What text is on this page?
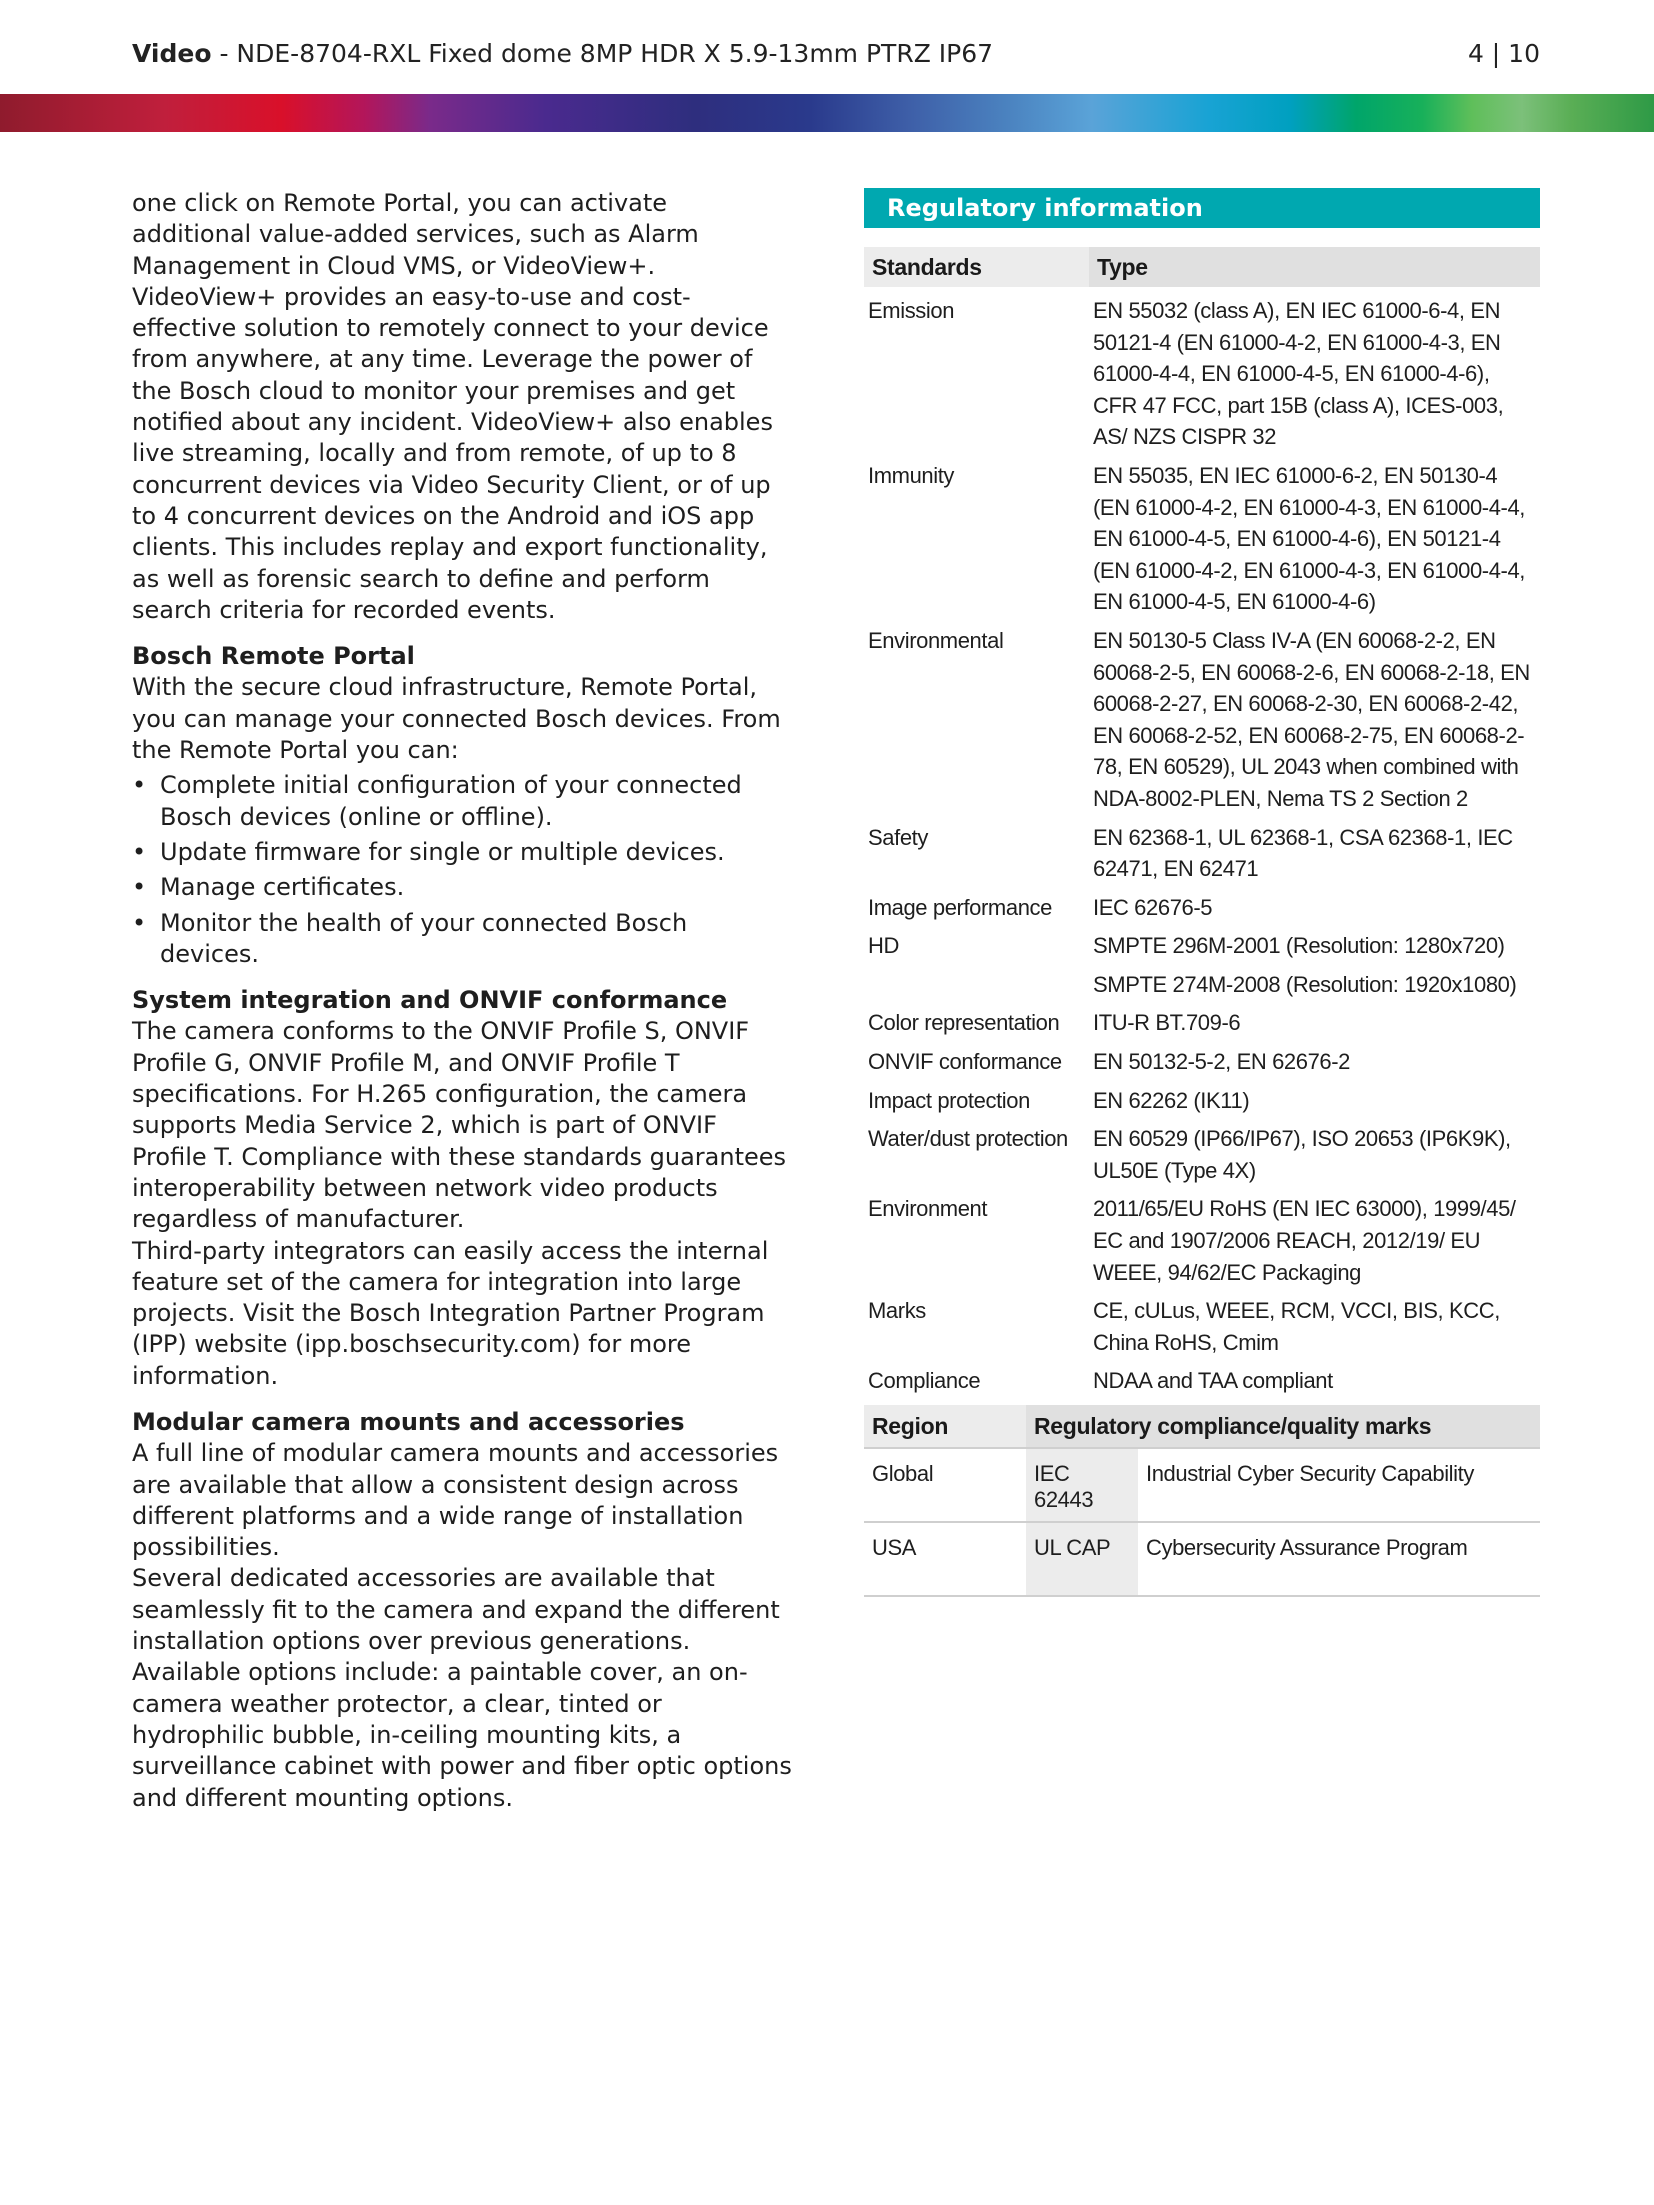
Video - NDE-8704-RXL Fixed dome 8MP HDR X 5.9-13mm PTRZ IP67	4 | 10

one click on Remote Portal, you can activate additional value-added services, such as Alarm Management in Cloud VMS, or VideoView+. VideoView+ provides an easy-to-use and cost-effective solution to remotely connect to your device from anywhere, at any time. Leverage the power of the Bosch cloud to monitor your premises and get notified about any incident. VideoView+ also enables live streaming, locally and from remote, of up to 8 concurrent devices via Video Security Client, or of up to 4 concurrent devices on the Android and iOS app clients. This includes replay and export functionality, as well as forensic search to define and perform search criteria for recorded events.

Bosch Remote Portal

With the secure cloud infrastructure, Remote Portal, you can manage your connected Bosch devices. From the Remote Portal you can:

• Complete initial configuration of your connected Bosch devices (online or offline).
• Update firmware for single or multiple devices.
• Manage certificates.
• Monitor the health of your connected Bosch devices.
System integration and ONVIF conformance

The camera conforms to the ONVIF Profile S, ONVIF Profile G, ONVIF Profile M, and ONVIF Profile T specifications. For H.265 configuration, the camera supports Media Service 2, which is part of ONVIF Profile T. Compliance with these standards guarantees interoperability between network video products regardless of manufacturer.

Third-party integrators can easily access the internal feature set of the camera for integration into large projects. Visit the Bosch Integration Partner Program (IPP) website (ipp.boschsecurity.com) for more information.

Modular camera mounts and accessories

A full line of modular camera mounts and accessories are available that allow a consistent design across different platforms and a wide range of installation possibilities.

Several dedicated accessories are available that seamlessly fit to the camera and expand the different installation options over previous generations. Available options include: a paintable cover, an on-camera weather protector, a clear, tinted or hydrophilic bubble, in-ceiling mounting kits, a surveillance cabinet with power and fiber optic options and different mounting options.

Regulatory information
Standards	Type
Emission	EN 55032 (class A), EN IEC 61000-6-4, EN 50121-4 (EN 61000-4-2, EN 61000-4-3, EN 61000-4-4, EN 61000-4-5, EN 61000-4-6), CFR 47 FCC, part 15B (class A), ICES-003, AS/ NZS CISPR 32
Immunity	EN 55035, EN IEC 61000-6-2, EN 50130-4 (EN 61000-4-2, EN 61000-4-3, EN 61000-4-4, EN 61000-4-5, EN 61000-4-6), EN 50121-4 (EN 61000-4-2, EN 61000-4-3, EN 61000-4-4, EN 61000-4-5, EN 61000-4-6)
Environmental	EN 50130-5 Class IV-A (EN 60068-2-2, EN 60068-2-5, EN 60068-2-6, EN 60068-2-18, EN 60068-2-27, EN 60068-2-30, EN 60068-2-42, EN 60068-2-52, EN 60068-2-75, EN 60068-2-78, EN 60529), UL 2043 when combined with NDA-8002-PLEN, Nema TS 2 Section 2
Safety	EN 62368-1, UL 62368-1, CSA 62368-1, IEC 62471, EN 62471
Image performance	IEC 62676-5
HD	SMPTE 296M-2001 (Resolution: 1280x720)
	SMPTE 274M-2008 (Resolution: 1920x1080)
Color representation	ITU-R BT.709-6
ONVIF conformance	EN 50132-5-2, EN 62676-2
Impact protection	EN 62262 (IK11)
Water/dust protection	EN 60529 (IP66/IP67), ISO 20653 (IP6K9K), UL50E (Type 4X)
Environment	2011/65/EU RoHS (EN IEC 63000), 1999/45/ EC and 1907/2006 REACH, 2012/19/ EU WEEE, 94/62/EC Packaging
Marks	CE, cULus, WEEE, RCM, VCCI, BIS, KCC, China RoHS, Cmim
Compliance	NDAA and TAA compliant
Region	Regulatory compliance/quality marks	
Global	IEC 62443	Industrial Cyber Security Capability
USA	UL CAP	Cybersecurity Assurance Program
